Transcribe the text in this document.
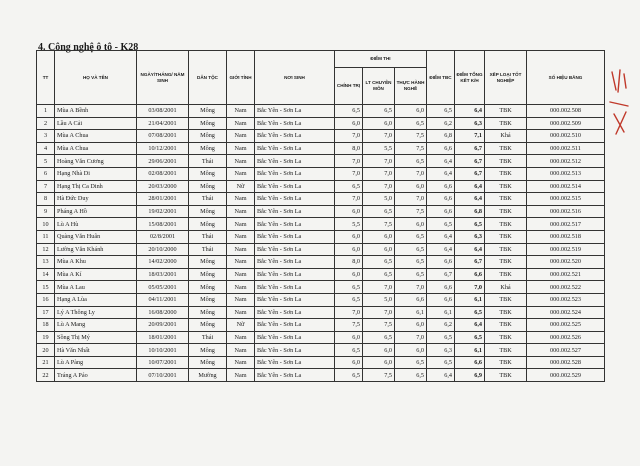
4. Công nghệ ô tô - K28
TT	HỌ VÀ TÊN	NGÀY/THÁNG/ NĂM SINH	DÂN TỘC	GIỚI TÍNH	NƠI SINH	ĐIỂM THI			ĐIỂM TBC	ĐIỂM TỔNG KẾT K/H	XẾP LOẠI TỐT NGHIỆP	SỐ HIỆU BẰNG
						CHÍNH TRỊ	LT CHUYÊN MÔN	THỰC HÀNH NGHỀ				
1	Mùa A Bềnh	03/08/2001	Mông	Nam	Bắc Yên - Sơn La	6,5	6,5	6,0	6,5	6,4	TBK	000.002.508
2	Lầu A Cải	21/04/2001	Mông	Nam	Bắc Yên - Sơn La	6,0	6,0	6,5	6,2	6,3	TBK	000.002.509
3	Mùa A Chua	07/08/2001	Mông	Nam	Bắc Yên - Sơn La	7,0	7,0	7,5	6,8	7,1	Khá	000.002.510
4	Mùa A Chua	10/12/2001	Mông	Nam	Bắc Yên - Sơn La	8,0	5,5	7,5	6,6	6,7	TBK	000.002.511
5	Hoàng Văn Cương	29/06/2001	Thái	Nam	Bắc Yên - Sơn La	7,0	7,0	6,5	6,4	6,7	TBK	000.002.512
6	Hạng Nhà Di	02/08/2001	Mông	Nam	Bắc Yên - Sơn La	7,0	7,0	7,0	6,4	6,7	TBK	000.002.513
7	Hạng Thị Ca Dinh	20/03/2000	Mông	Nữ	Bắc Yên - Sơn La	6,5	7,0	6,0	6,6	6,4	TBK	000.002.514
8	Hà Đức Duy	28/01/2001	Thái	Nam	Bắc Yên - Sơn La	7,0	5,0	7,0	6,6	6,4	TBK	000.002.515
9	Pháng A Hồ	19/02/2001	Mông	Nam	Bắc Yên - Sơn La	6,0	6,5	7,5	6,6	6,8	TBK	000.002.516
10	Lù A Hù	15/08/2001	Mông	Nam	Bắc Yên - Sơn La	5,5	7,5	6,0	6,5	6,5	TBK	000.002.517
11	Quàng Văn Huân	02/8/2001	Thái	Nam	Bắc Yên - Sơn La	6,0	6,0	6,5	6,4	6,3	TBK	000.002.518
12	Lường Văn Khánh	20/10/2000	Thái	Nam	Bắc Yên - Sơn La	6,0	6,0	6,5	6,4	6,4	TBK	000.002.519
13	Mùa A Khu	14/02/2000	Mông	Nam	Bắc Yên - Sơn La	8,0	6,5	6,5	6,6	6,7	TBK	000.002.520
14	Mùa A Kí	18/03/2001	Mông	Nam	Bắc Yên - Sơn La	6,0	6,5	6,5	6,7	6,6	TBK	000.002.521
15	Mùa A Lau	05/05/2001	Mông	Nam	Bắc Yên - Sơn La	6,5	7,0	7,0	6,6	7,0	Khá	000.002.522
16	Hạng A Lùa	04/11/2001	Mông	Nam	Bắc Yên - Sơn La	6,5	5,0	6,6	6,6	6,1	TBK	000.002.523
17	Lý A Thông Ly	16/08/2000	Mông	Nam	Bắc Yên - Sơn La	7,0	7,0	6,1	6,1	6,5	TBK	000.002.524
18	Lù A Mang	20/09/2001	Mông	Nữ	Bắc Yên - Sơn La	7,5	7,5	6,0	6,2	6,4	TBK	000.002.525
19	Sồng Thị Mý	18/01/2001	Thái	Nam	Bắc Yên - Sơn La	6,0	6,5	7,0	6,5	6,5	TBK	000.002.526
20	Hà Văn Nhất	10/10/2001	Mông	Nam	Bắc Yên - Sơn La	6,5	6,0	6,0	6,3	6,1	TBK	000.002.527
21	Lù A Pàng	10/07/2001	Mông	Nam	Bắc Yên - Sơn La	6,0	6,0	6,5	6,5	6,6	TBK	000.002.528
22	Tráng A Páo	07/10/2001	Mường	Nam	Bắc Yên - Sơn La	6,5	7,5	6,5	6,4	6,9	TBK	000.002.529
